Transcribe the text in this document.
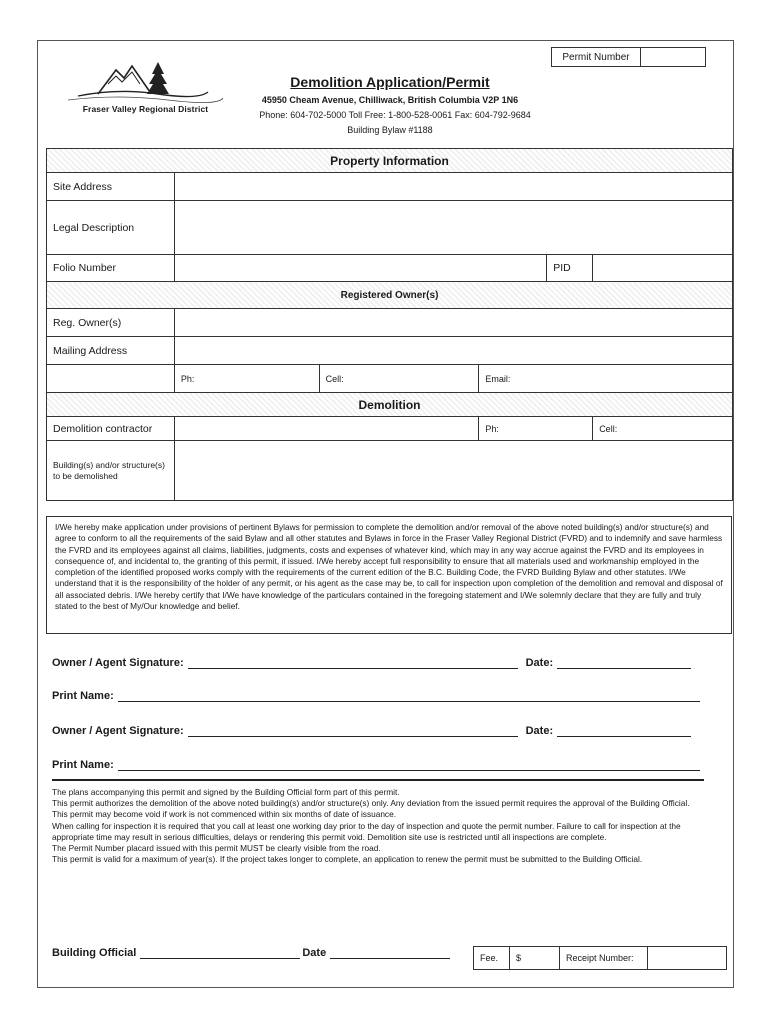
Permit Number
Fraser Valley Regional District
Demolition Application/Permit
45950 Cheam Avenue, Chilliwack, British Columbia V2P 1N6
Phone: 604-702-5000 Toll Free: 1-800-528-0061 Fax: 604-792-9684
Building Bylaw #1188
Property Information					
Site Address					
Legal Description					
Folio Number				PID	
Registered Owner(s)					
Reg. Owner(s)					
Mailing Address					
	Ph:	Cell:	Email:		
Demolition					
Demolition contractor			Ph:		Cell:
Building(s) and/or structure(s) to be demolished					
I/We hereby make application under provisions of pertinent Bylaws for permission to complete the demolition and/or removal of the above noted building(s) and/or structure(s) and agree to conform to all the requirements of the said Bylaw and all other statutes and Bylaws in force in the Fraser Valley Regional District (FVRD) and to indemnify and save harmless the FVRD and its employees against all claims, liabilities, judgments, costs and expenses of whatever kind, which may in any way accrue against the FVRD and its employees in consequence of, and incidental to, the granting of this permit, if issued. I/We hereby accept full responsibility to ensure that all materials used and workmanship employed in the completion of the identified proposed works comply with the requirements of the current edition of the B.C. Building Code, the FVRD Building Bylaw and other statutes. I/We understand that it is the responsibility of the holder of any permit, or his agent as the case may be, to call for inspection upon completion of the demolition and removal and disposal of all associated debris. I/We hereby certify that I/We have knowledge of the particulars contained in the foregoing statement and I/We solemnly declare that they are fully and truly stated to the best of My/Our knowledge and belief.
Owner / Agent Signature:	Date:
Print Name:
Owner / Agent Signature:	Date:
Print Name:
The plans accompanying this permit and signed by the Building Official form part of this permit.
This permit authorizes the demolition of the above noted building(s) and/or structure(s) only. Any deviation from the issued permit requires the approval of the Building Official.
This permit may become void if work is not commenced within six months of date of issuance.
When calling for inspection it is required that you call at least one working day prior to the day of inspection and quote the permit number. Failure to call for inspection at the appropriate time may result in serious difficulties, delays or rendering this permit void. Demolition site use is restricted until all inspections are complete.
The Permit Number placard issued with this permit MUST be clearly visible from the road.
This permit is valid for a maximum of year(s). If the project takes longer to complete, an application to renew the permit must be submitted to the Building Official.
Building Official	Date	Fee.	$	Receipt Number:
